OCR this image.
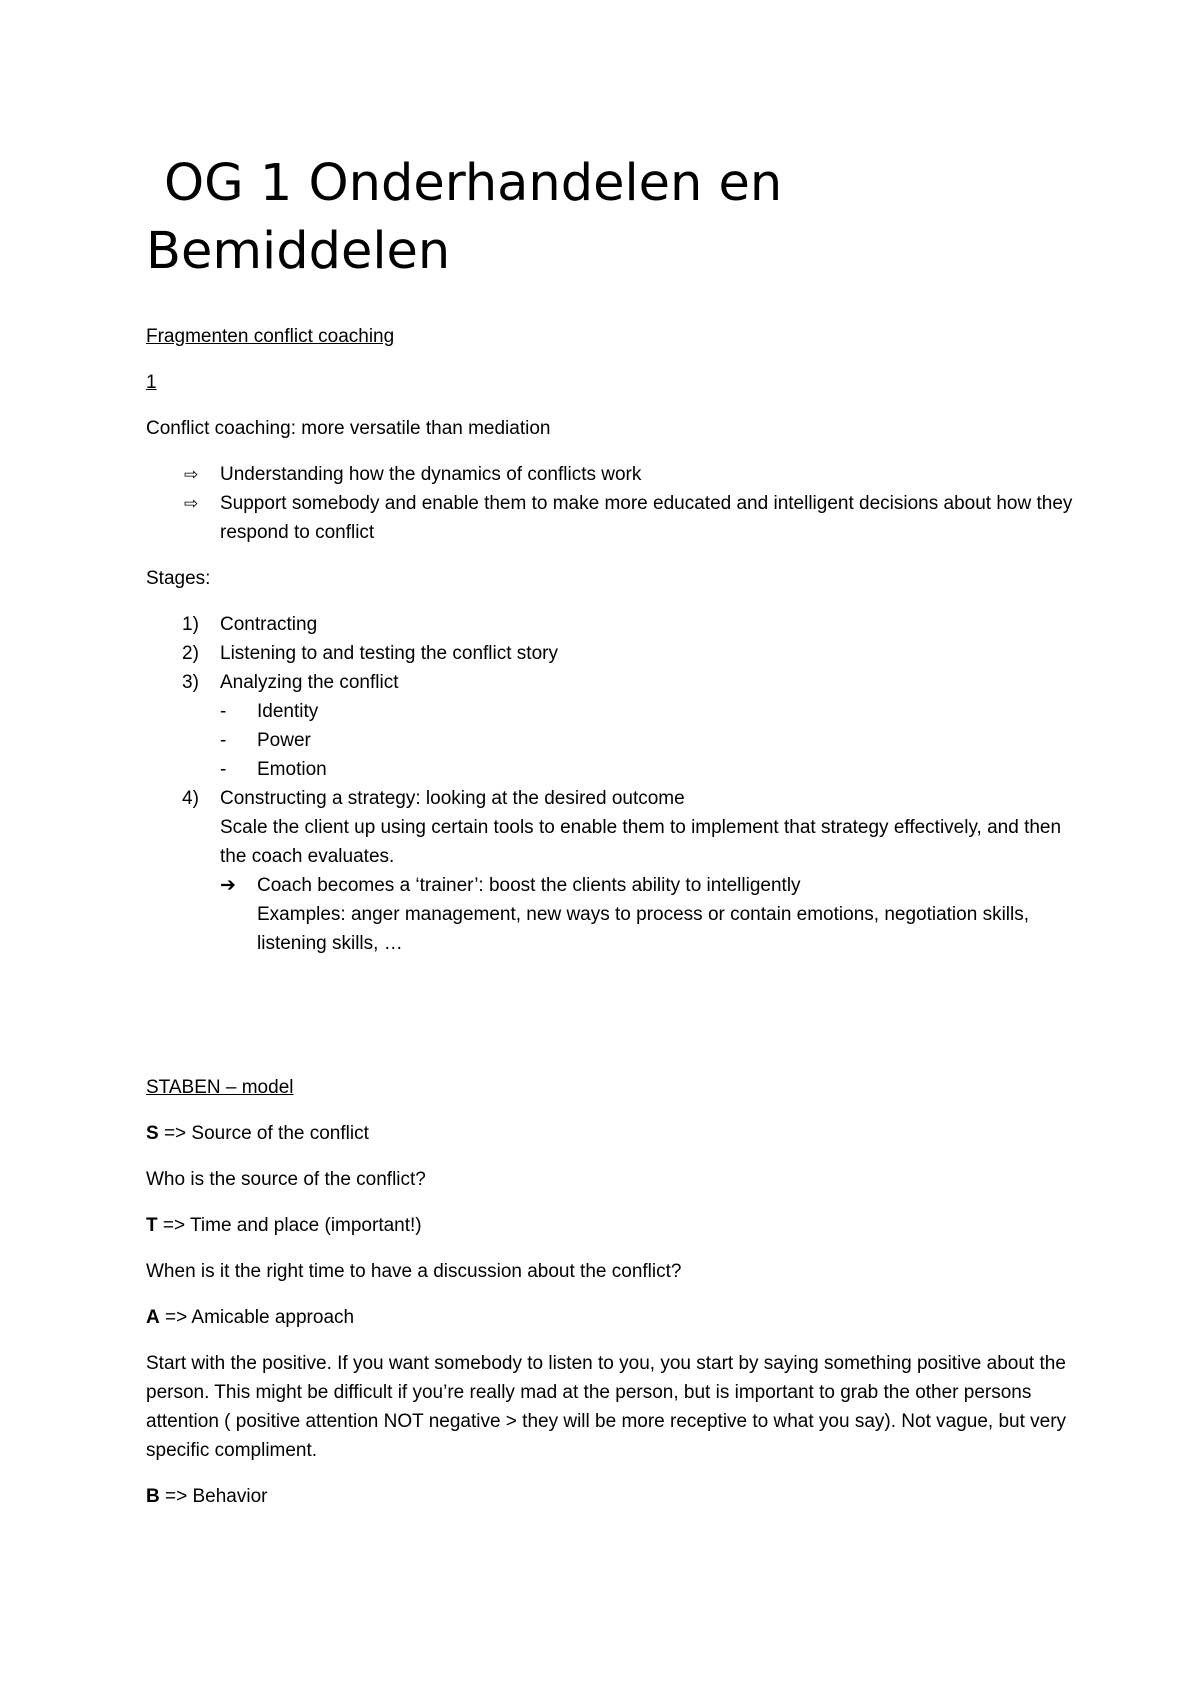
OG 1 Onderhandelen en
Bemiddelen

Fragmenten conflict coaching

1

Conflict coaching: more versatile than mediation

⇨ Understanding how the dynamics of conflicts work
⇨ Support somebody and enable them to make more educated and intelligent decisions about how they respond to conflict

Stages:

1) Contracting
2) Listening to and testing the conflict story
3) Analyzing the conflict
- Identity
- Power
- Emotion
4) Constructing a strategy: looking at the desired outcome
Scale the client up using certain tools to enable them to implement that strategy effectively, and then the coach evaluates.
➔ Coach becomes a ‘trainer’: boost the clients ability to intelligently
Examples: anger management, new ways to process or contain emotions, negotiation skills, listening skills, …

STABEN – model

S => Source of the conflict

Who is the source of the conflict?

T => Time and place (important!)

When is it the right time to have a discussion about the conflict?

A => Amicable approach

Start with the positive. If you want somebody to listen to you, you start by saying something positive about the person. This might be difficult if you’re really mad at the person, but is important to grab the other persons attention ( positive attention NOT negative > they will be more receptive to what you say). Not vague, but very specific compliment.

B => Behavior
